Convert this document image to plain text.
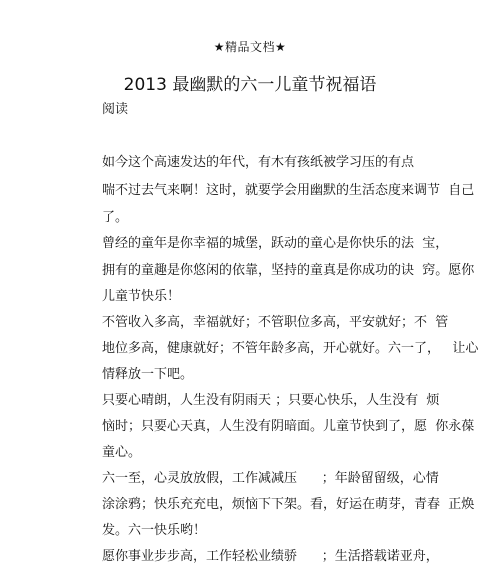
★精品文档★
2013 最幽默的六一儿童节祝福语
阅读
如今这个高速发达的年代，有木有孩纸被学习压的有点
喘不过去气来啊！这时，就要学会用幽默的生活态度来调节  自己
了。
曾经的童年是你幸福的城堡，跃动的童心是你快乐的法  宝，
拥有的童趣是你悠闲的依靠，坚持的童真是你成功的诀  窍。愿你
儿童节快乐！
不管收入多高，幸福就好；不管职位多高，平安就好；不  管
地位多高，健康就好；不管年龄多高，开心就好。六一了，   让心
情释放一下吧。
只要心晴朗，人生没有阴雨天 ；只要心快乐，人生没有  烦
恼时；只要心天真，人生没有阴暗面。儿童节快到了，愿  你永葆
童心。
六一至，心灵放放假，工作减减压      ；年龄留留级，心情
涂涂鸦；快乐充充电，烦恼下下架。看，好运在萌芽，青春  正焕
发。六一快乐哟！
愿你事业步步高，工作轻松业绩骄      ；生活搭载诺亚舟，
